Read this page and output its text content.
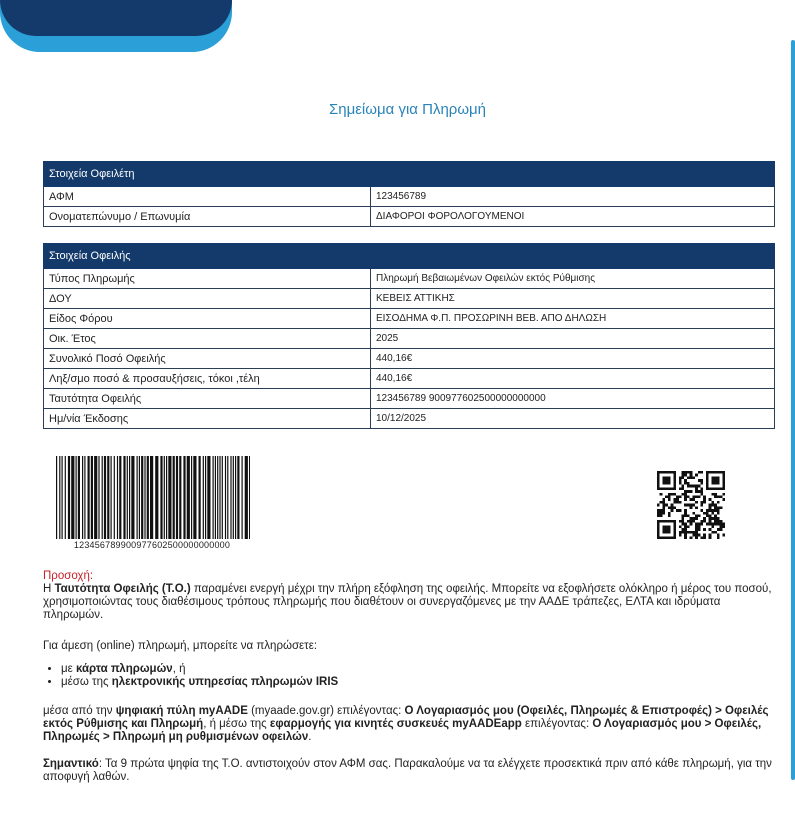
Σημείωμα για Πληρωμή
Στοιχεία Οφειλέτη	
ΑΦΜ	123456789
Ονοματεπώνυμο / Επωνυμία	ΔΙΑΦΟΡΟΙ ΦΟΡΟΛΟΓΟΥΜΕΝΟΙ
Στοιχεία Οφειλής	
Τύπος Πληρωμής	Πληρωμή Βεβαιωμένων Οφειλών εκτός Ρύθμισης
ΔΟΥ	ΚΕΒΕΙΣ ΑΤΤΙΚΗΣ
Είδος Φόρου	ΕΙΣΟΔΗΜΑ Φ.Π. ΠΡΟΣΩΡΙΝΗ ΒΕΒ. ΑΠΟ ΔΗΛΩΣΗ
Οικ. Έτος	2025
Συνολικό Ποσό Οφειλής	440,16€
Ληξ/σμο ποσό & προσαυξήσεις, τόκοι ,τέλη	440,16€
Ταυτότητα Οφειλής	123456789 900977602500000000000
Ημ/νία Έκδοσης	10/12/2025
123456789900977602500000000000
Προσοχή:
Η Ταυτότητα Οφειλής (Τ.Ο.) παραμένει ενεργή μέχρι την πλήρη εξόφληση της οφειλής. Μπορείτε να εξοφλήσετε ολόκληρο ή μέρος του ποσού, χρησιμοποιώντας τους διαθέσιμους τρόπους πληρωμής που διαθέτουν οι συνεργαζόμενες με την ΑΑΔΕ τράπεζες, ΕΛΤΑ και ιδρύματα πληρωμών.
Για άμεση (online) πληρωμή, μπορείτε να πληρώσετε:
• με κάρτα πληρωμών, ή
• μέσω της ηλεκτρονικής υπηρεσίας πληρωμών IRIS
μέσα από την ψηφιακή πύλη myAADE (myaade.gov.gr) επιλέγοντας: Ο Λογαριασμός μου (Οφειλές, Πληρωμές & Επιστροφές) > Οφειλές εκτός Ρύθμισης και Πληρωμή, ή μέσω της εφαρμογής για κινητές συσκευές myAADEapp επιλέγοντας: Ο Λογαριασμός μου > Οφειλές, Πληρωμές > Πληρωμή μη ρυθμισμένων οφειλών.
Σημαντικό: Τα 9 πρώτα ψηφία της Τ.Ο. αντιστοιχούν στον ΑΦΜ σας. Παρακαλούμε να τα ελέγχετε προσεκτικά πριν από κάθε πληρωμή, για την αποφυγή λαθών.
